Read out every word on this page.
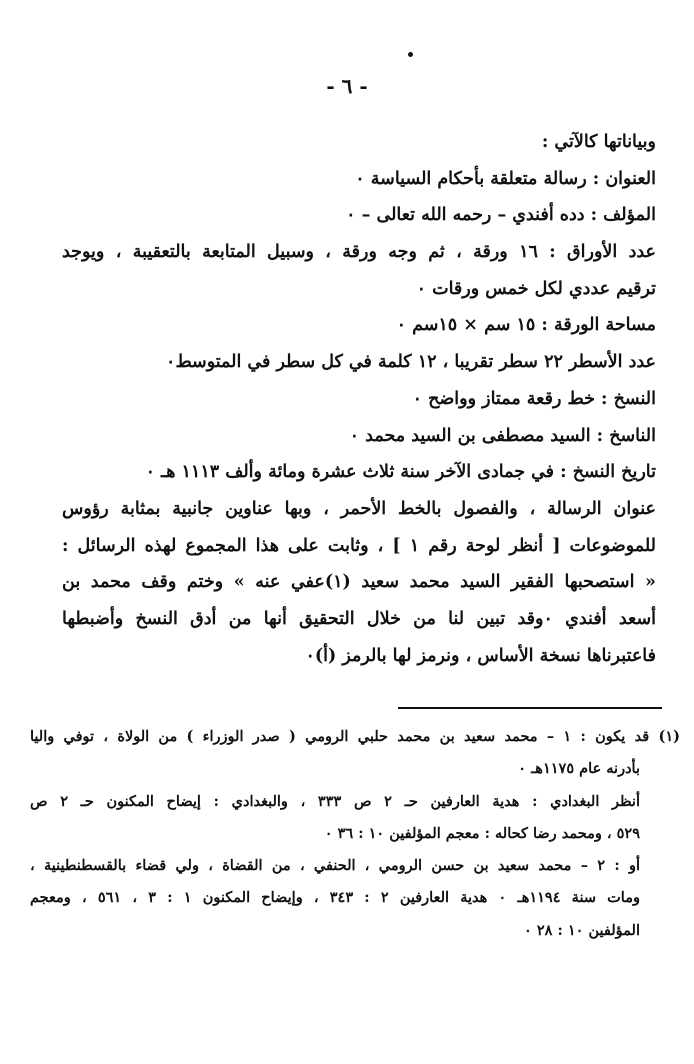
- ٦ -
وبياناتها كالآتي :
العنوان : رسالة متعلقة بأحكام السياسة ٠
المؤلف : دده أفندي – رحمه الله تعالى – ٠
عدد الأوراق : ١٦ ورقة ، ثم وجه ورقة ، وسبيل المتابعة بالتعقيبة ، ويوجد
ترقيم عددي لكل خمس ورقات ٠
مساحة الورقة : ١٥ سم × ١٥سم ٠
عدد الأسطر ٢٢ سطر تقريبا ، ١٢ كلمة في كل سطر في المتوسط٠
النسخ : خط رقعة ممتاز وواضح ٠
الناسخ : السيد مصطفى بن السيد محمد ٠
تاريخ النسخ : في جمادى الآخر سنة ثلاث عشرة ومائة وألف ١١١٣ هـ ٠
عنوان الرسالة ، والفصول بالخط الأحمر ، وبها عناوين جانبية بمثابة رؤوس
للموضوعات [ أنظر لوحة رقم ١ ] ، وثابت على هذا المجموع لهذه الرسائل :
« استصحبها الفقير السيد محمد سعيد (١)عفي عنه » وختم وقف محمد بن
أسعد أفندي ٠وقد تبين لنا من خلال التحقيق أنها من أدق النسخ وأضبطها
فاعتبرناها نسخة الأساس ، ونرمز لها بالرمز (أ)٠
(١) قد يكون : ١ – محمد سعيد بن محمد حلبي الرومي ( صدر الوزراء ) من الولاة ، توفي واليا
بأدرنه عام ١١٧٥هـ ٠
أنظر البغدادي : هدية العارفين حـ ٢ ص ٣٣٣ ، والبغدادي : إيضاح المكنون حـ ٢ ص
٥٢٩ ، ومحمد رضا كحاله : معجم المؤلفين ١٠ : ٣٦ ٠
أو : ٢ – محمد سعيد بن حسن الرومي ، الحنفي ، من القضاة ، ولي قضاء بالقسطنطينية ،
ومات سنة ١١٩٤هـ ٠ هدية العارفين ٢ : ٣٤٣ ، وإيضاح المكنون ١ : ٣ ، ٥٦١ ، ومعجم
المؤلفين ١٠ : ٢٨ ٠
